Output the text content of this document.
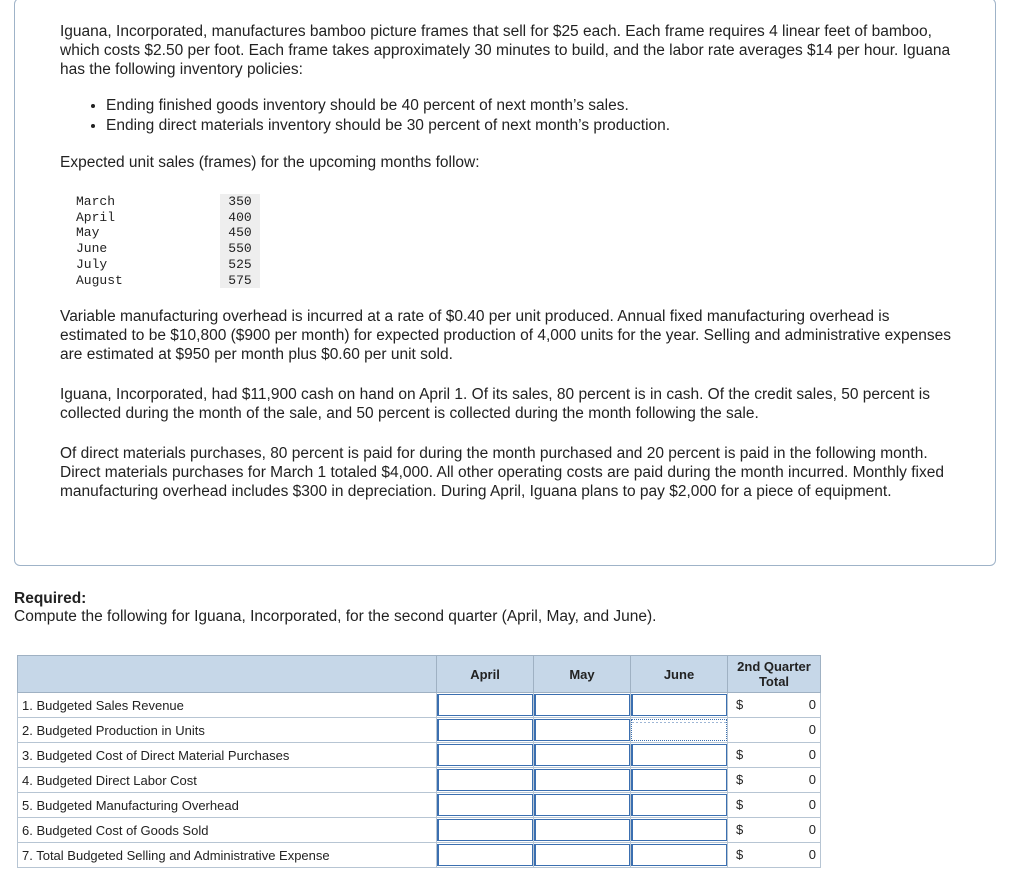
Iguana, Incorporated, manufactures bamboo picture frames that sell for $25 each. Each frame requires 4 linear feet of bamboo, which costs $2.50 per foot. Each frame takes approximately 30 minutes to build, and the labor rate averages $14 per hour. Iguana has the following inventory policies:

• Ending finished goods inventory should be 40 percent of next month’s sales.
• Ending direct materials inventory should be 30 percent of next month’s production.

Expected unit sales (frames) for the upcoming months follow:

March	350
April	400
May	450
June	550
July	525
August	575

Variable manufacturing overhead is incurred at a rate of $0.40 per unit produced. Annual fixed manufacturing overhead is estimated to be $10,800 ($900 per month) for expected production of 4,000 units for the year. Selling and administrative expenses are estimated at $950 per month plus $0.60 per unit sold.

Iguana, Incorporated, had $11,900 cash on hand on April 1. Of its sales, 80 percent is in cash. Of the credit sales, 50 percent is collected during the month of the sale, and 50 percent is collected during the month following the sale.

Of direct materials purchases, 80 percent is paid for during the month purchased and 20 percent is paid in the following month. Direct materials purchases for March 1 totaled $4,000. All other operating costs are paid during the month incurred. Monthly fixed manufacturing overhead includes $300 in depreciation. During April, Iguana plans to pay $2,000 for a piece of equipment.

Required:

Compute the following for Iguana, Incorporated, for the second quarter (April, May, and June).

	April	May	June	2nd Quarter Total
1. Budgeted Sales Revenue				$ 0

2. Budgeted Production in Units				0

3. Budgeted Cost of Direct Material Purchases				$ 0

4. Budgeted Direct Labor Cost				$ 0

5. Budgeted Manufacturing Overhead				$ 0

6. Budgeted Cost of Goods Sold				$ 0

7. Total Budgeted Selling and Administrative Expense				$ 0
